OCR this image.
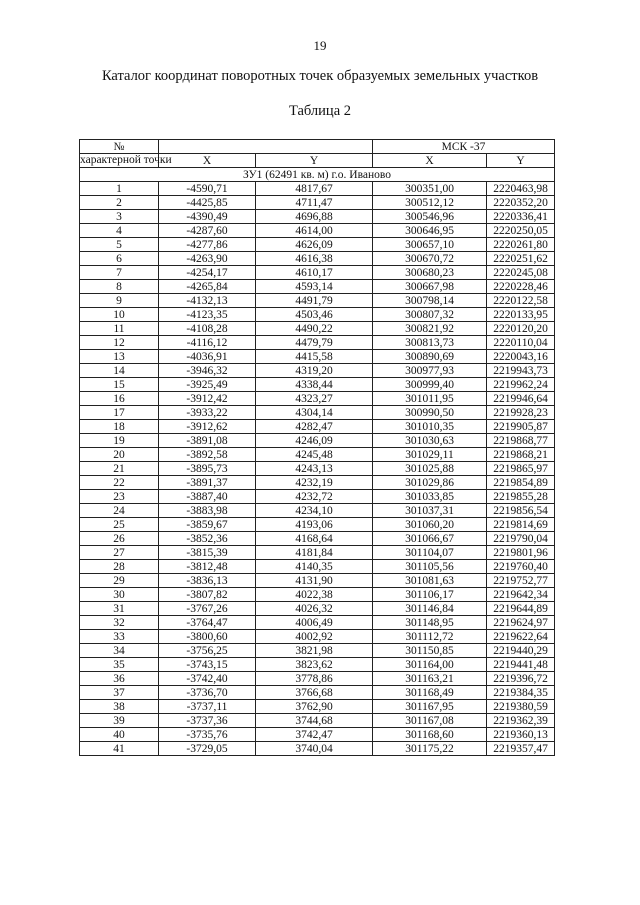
19
Каталог координат поворотных точек образуемых земельных участков
Таблица 2
№			МСК -37	
характерной точки	X	Y	X	Y
ЗУ1 (62491 кв. м) г.о. Иваново				
1	-4590,71	4817,67	300351,00	2220463,98
2	-4425,85	4711,47	300512,12	2220352,20
3	-4390,49	4696,88	300546,96	2220336,41
4	-4287,60	4614,00	300646,95	2220250,05
5	-4277,86	4626,09	300657,10	2220261,80
6	-4263,90	4616,38	300670,72	2220251,62
7	-4254,17	4610,17	300680,23	2220245,08
8	-4265,84	4593,14	300667,98	2220228,46
9	-4132,13	4491,79	300798,14	2220122,58
10	-4123,35	4503,46	300807,32	2220133,95
11	-4108,28	4490,22	300821,92	2220120,20
12	-4116,12	4479,79	300813,73	2220110,04
13	-4036,91	4415,58	300890,69	2220043,16
14	-3946,32	4319,20	300977,93	2219943,73
15	-3925,49	4338,44	300999,40	2219962,24
16	-3912,42	4323,27	301011,95	2219946,64
17	-3933,22	4304,14	300990,50	2219928,23
18	-3912,62	4282,47	301010,35	2219905,87
19	-3891,08	4246,09	301030,63	2219868,77
20	-3892,58	4245,48	301029,11	2219868,21
21	-3895,73	4243,13	301025,88	2219865,97
22	-3891,37	4232,19	301029,86	2219854,89
23	-3887,40	4232,72	301033,85	2219855,28
24	-3883,98	4234,10	301037,31	2219856,54
25	-3859,67	4193,06	301060,20	2219814,69
26	-3852,36	4168,64	301066,67	2219790,04
27	-3815,39	4181,84	301104,07	2219801,96
28	-3812,48	4140,35	301105,56	2219760,40
29	-3836,13	4131,90	301081,63	2219752,77
30	-3807,82	4022,38	301106,17	2219642,34
31	-3767,26	4026,32	301146,84	2219644,89
32	-3764,47	4006,49	301148,95	2219624,97
33	-3800,60	4002,92	301112,72	2219622,64
34	-3756,25	3821,98	301150,85	2219440,29
35	-3743,15	3823,62	301164,00	2219441,48
36	-3742,40	3778,86	301163,21	2219396,72
37	-3736,70	3766,68	301168,49	2219384,35
38	-3737,11	3762,90	301167,95	2219380,59
39	-3737,36	3744,68	301167,08	2219362,39
40	-3735,76	3742,47	301168,60	2219360,13
41	-3729,05	3740,04	301175,22	2219357,47
